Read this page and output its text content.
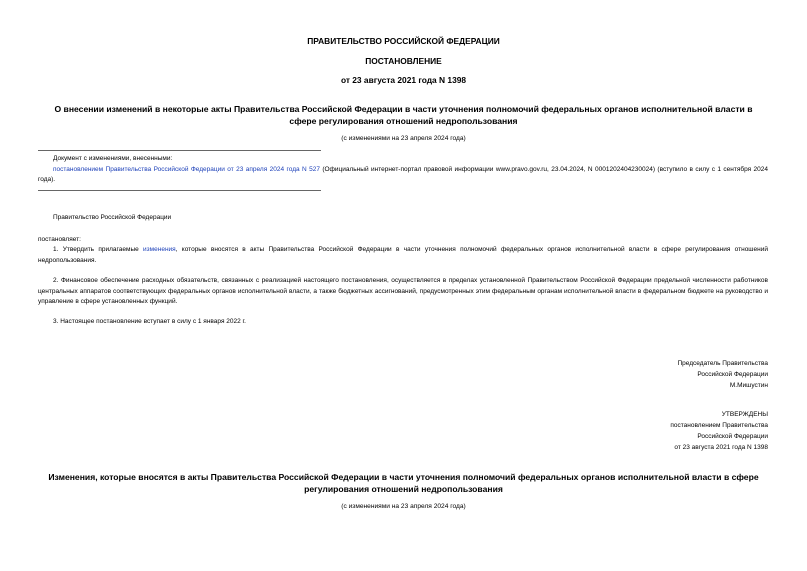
ПРАВИТЕЛЬСТВО РОССИЙСКОЙ ФЕДЕРАЦИИ
ПОСТАНОВЛЕНИЕ
от 23 августа 2021 года N 1398
О внесении изменений в некоторые акты Правительства Российской Федерации в части уточнения полномочий федеральных органов исполнительной власти в сфере регулирования отношений недропользования
(с изменениями на 23 апреля 2024 года)
Документ с изменениями, внесенными:
постановлением Правительства Российской Федерации от 23 апреля 2024 года N 527 (Официальный интернет-портал правовой информации www.pravo.gov.ru, 23.04.2024, N 0001202404230024) (вступило в силу с 1 сентября 2024 года).
Правительство Российской Федерации
постановляет:
1. Утвердить прилагаемые изменения, которые вносятся в акты Правительства Российской Федерации в части уточнения полномочий федеральных органов исполнительной власти в сфере регулирования отношений недропользования.
2. Финансовое обеспечение расходных обязательств, связанных с реализацией настоящего постановления, осуществляется в пределах установленной Правительством Российской Федерации предельной численности работников центральных аппаратов соответствующих федеральных органов исполнительной власти, а также бюджетных ассигнований, предусмотренных этим федеральным органам исполнительной власти в федеральном бюджете на руководство и управление в сфере установленных функций.
3. Настоящее постановление вступает в силу с 1 января 2022 г.
Председатель Правительства
Российской Федерации
М.Мишустин
УТВЕРЖДЕНЫ
постановлением Правительства
Российской Федерации
от 23 августа 2021 года N 1398
Изменения, которые вносятся в акты Правительства Российской Федерации в части уточнения полномочий федеральных органов исполнительной власти в сфере регулирования отношений недропользования
(с изменениями на 23 апреля 2024 года)
